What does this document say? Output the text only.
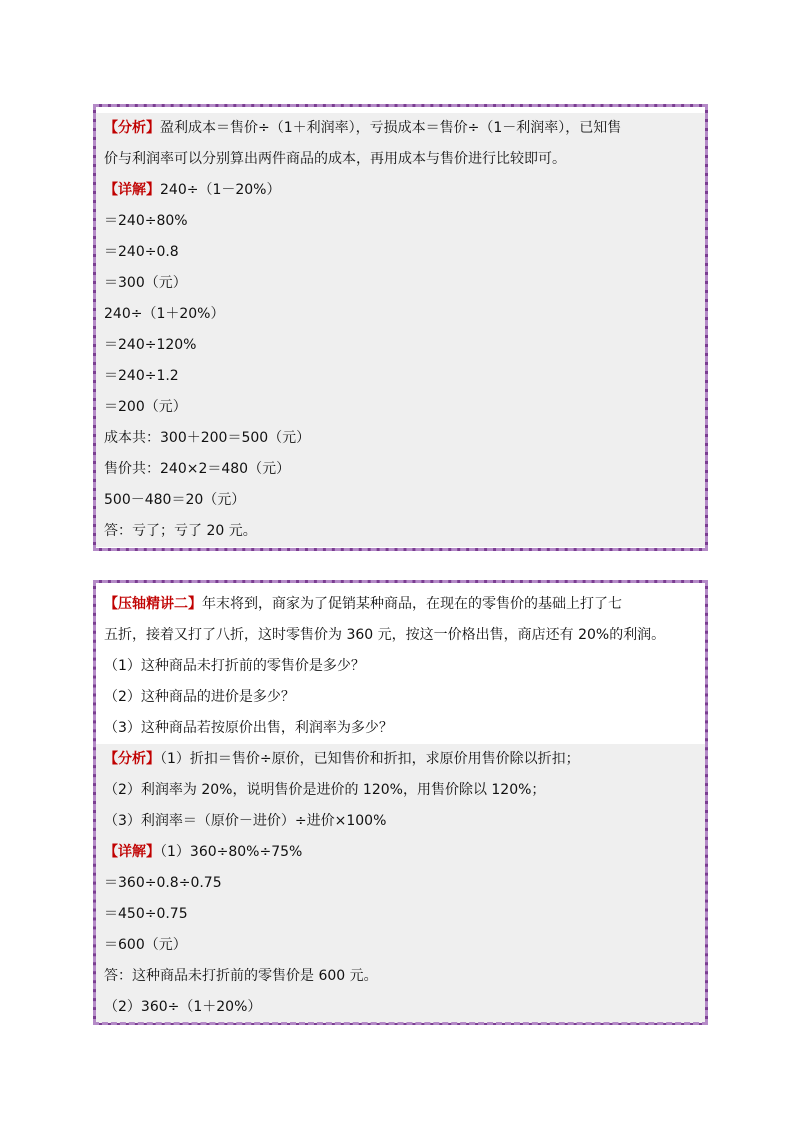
【分析】盈利成本＝售价÷（1＋利润率），亏损成本＝售价÷（1－利润率），已知售
价与利润率可以分别算出两件商品的成本，再用成本与售价进行比较即可。
【详解】240÷（1－20%）
＝240÷80%
＝240÷0.8
＝300（元）
240÷（1＋20%）
＝240÷120%
＝240÷1.2
＝200（元）
成本共：300＋200＝500（元）
售价共：240×2＝480（元）
500－480＝20（元）
答：亏了；亏了 20 元。
【压轴精讲二】年末将到，商家为了促销某种商品，在现在的零售价的基础上打了七
五折，接着又打了八折，这时零售价为 360 元，按这一价格出售，商店还有 20%的利润。
（1）这种商品未打折前的零售价是多少？
（2）这种商品的进价是多少？
（3）这种商品若按原价出售，利润率为多少？
【分析】（1）折扣＝售价÷原价，已知售价和折扣，求原价用售价除以折扣；
（2）利润率为 20%，说明售价是进价的 120%，用售价除以 120%；
（3）利润率＝（原价－进价）÷进价×100%
【详解】（1）360÷80%÷75%
＝360÷0.8÷0.75
＝450÷0.75
＝600（元）
答：这种商品未打折前的零售价是 600 元。
（2）360÷（1＋20%）
